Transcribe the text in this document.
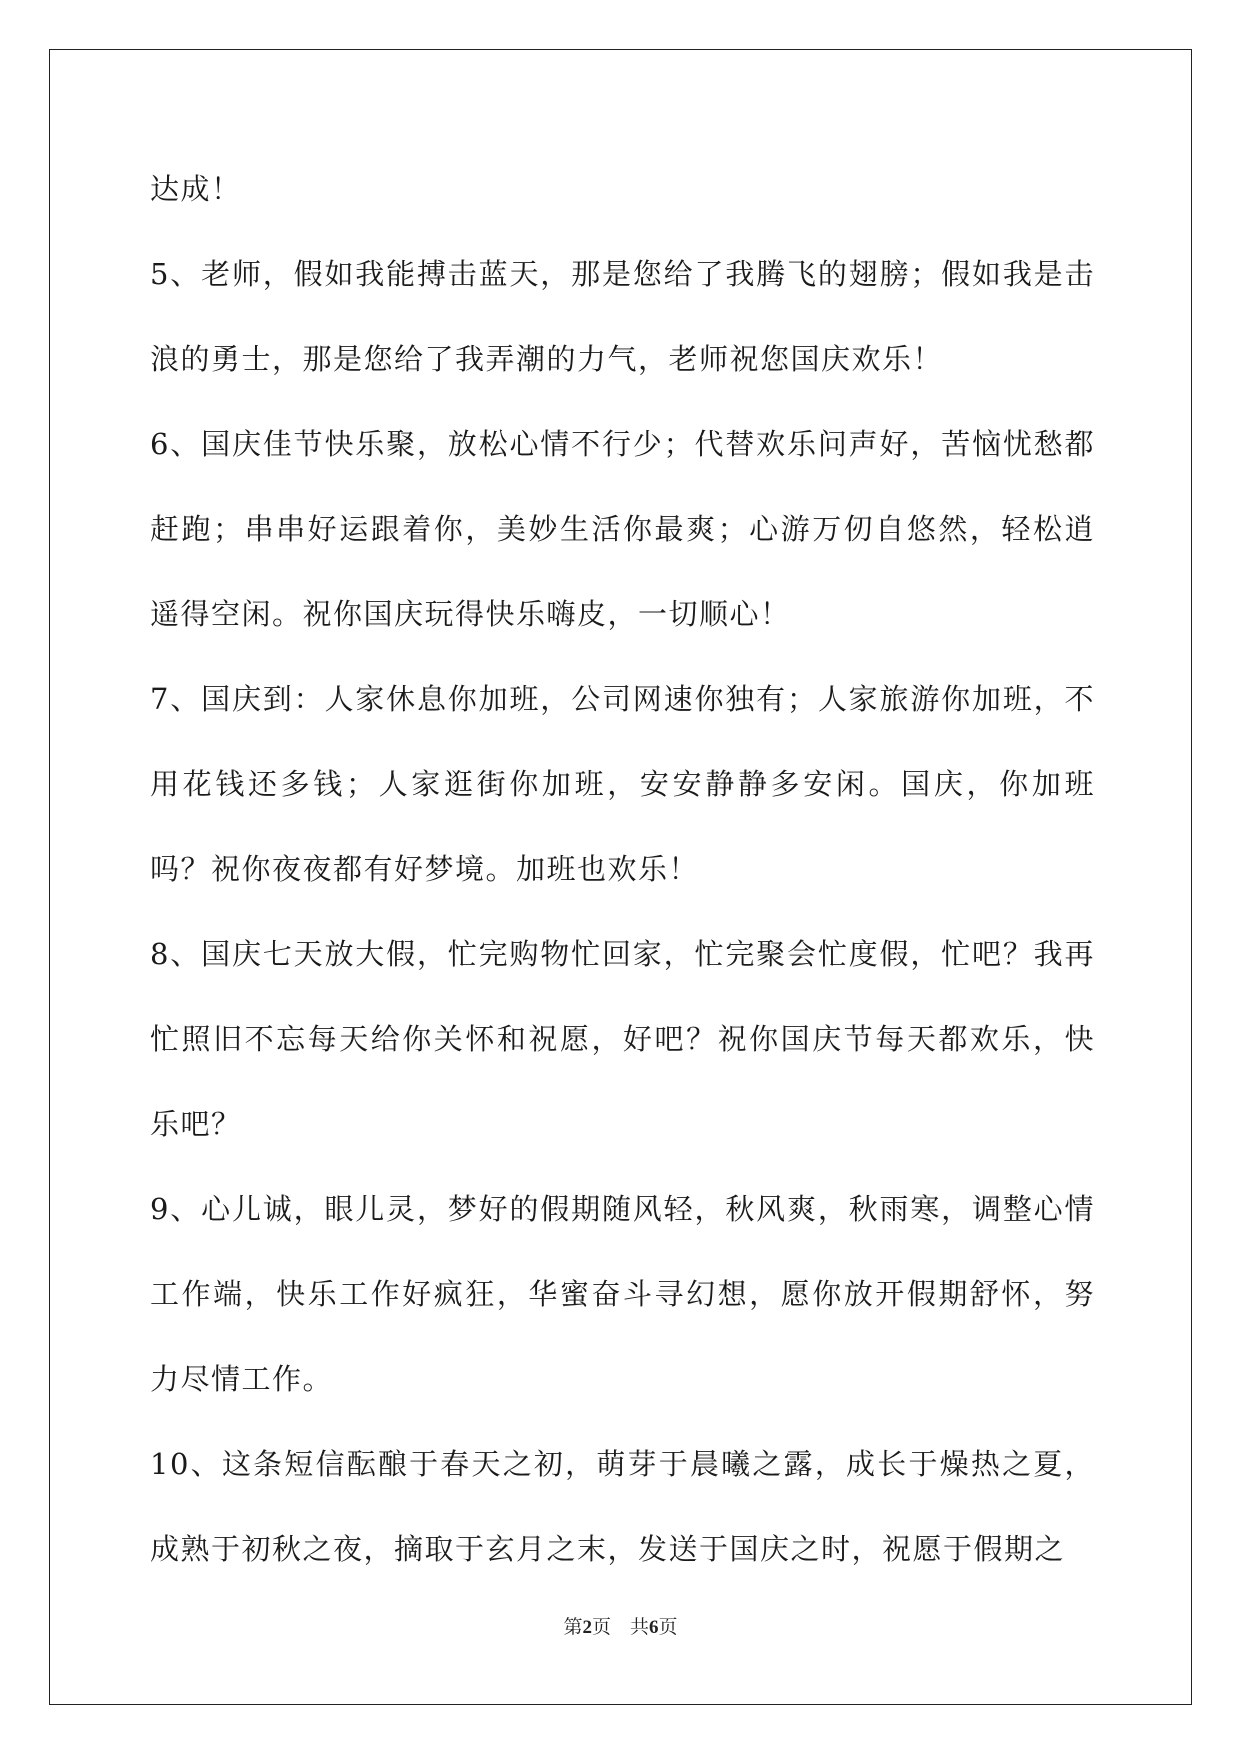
达成！

5、老师，假如我能搏击蓝天，那是您给了我腾飞的翅膀；假如我是击浪的勇士，那是您给了我弄潮的力气，老师祝您国庆欢乐！

6、国庆佳节快乐聚，放松心情不行少；代替欢乐问声好，苦恼忧愁都赶跑；串串好运跟着你，美妙生活你最爽；心游万仞自悠然，轻松逍遥得空闲。祝你国庆玩得快乐嗨皮，一切顺心！

7、国庆到：人家休息你加班，公司网速你独有；人家旅游你加班，不用花钱还多钱；人家逛街你加班，安安静静多安闲。国庆，你加班吗？祝你夜夜都有好梦境。加班也欢乐！

8、国庆七天放大假，忙完购物忙回家，忙完聚会忙度假，忙吧？我再忙照旧不忘每天给你关怀和祝愿，好吧？祝你国庆节每天都欢乐，快乐吧？

9、心儿诚，眼儿灵，梦好的假期随风轻，秋风爽，秋雨寒，调整心情工作端，快乐工作好疯狂，华蜜奋斗寻幻想，愿你放开假期舒怀，努力尽情工作。

10、这条短信酝酿于春天之初，萌芽于晨曦之露，成长于燥热之夏，成熟于初秋之夜，摘取于玄月之末，发送于国庆之时，祝愿于假期之

第2页　共6页
